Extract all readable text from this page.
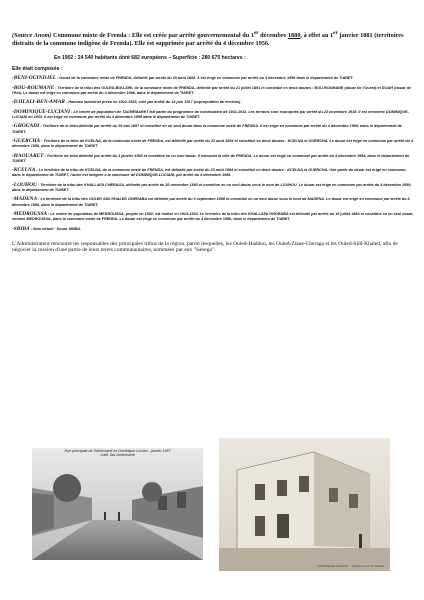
(Source Anom) Commune mixte de Frenda : Elle est créée par arrêté gouvernemental du 1er décembre 1880, à effet au 1er janvier 1881 (territoires distraits de la commune indigène de Frenda). Elle est supprimée par arrêté du 4 décembre 1956.
En 1902 : 24 540 habitants dont 682 européens – Superficie : 280 675 hectares :
Elle était composée :
-BENI-OUINDJEL : Douar de la commune mixte de FRENDA, délimité par arrêté du 23 août 1893. Il est érigé en commune par arrêté du 4 décembre 1956 dans le département de TIARET.
-BOU-ROUMANE : Territoire de la tribu des OULED-BOU-ZIRI, de la commune mixte de FRENDA, délimité par arrêté du 21 juillet 1891 et constitué en deux douars : BOU-ROUMANE (douar de l'Ouest) et DIJAH (douar de l'Est). Le douar est érigé en commune par arrêté du 4 décembre 1956, dans le département de TIARET.
-DJILALI-BEN-AMAR : Hameau industriel prévu en 1912-1913, créé par arrêté du 14 juin 1917 (expropriation de terrains).
-DOMINIQUE-LUCIANI : Le centre de population de TAGREMARET fait partie du programme de colonisation de 1911-1913. Les terrains sont expropriés par arrêté du 22 novembre 1918. Il est renommé DOMINIQUE-LUCIANI en 1933. Il est érigé en commune par arrêté du 4 décembre 1956 dans le département de TIARET.
-GHOUADI : Territoire de la tribu délimité par arrêté du 26 mai 1897 et constitué en un seul douar dans la commune mixte de FRENDA. Il est érigé en commune par arrêté du 4 décembre 1956, dans le département de TIARET.
-GUERCHA : Territoire de la tribu de KCELNA, de la commune mixte de FRENDA, est délimité par arrêté du 23 août 1894 et constitué en deux douars : KCELNA et GUERCHA. Le douar est érigé en commune par arrêté du 4 décembre 1956, dans le département de TIARET
-HAOUARET : Territoire de tribu délimité par arrêté du 3 janvier 1893 et constitué en un seul douar. Il entourait la ville de FRENDA. Le douar est érigé en commune par arrêté du 4 décembre 1956, dans le département de TIARET
-KCELNA : Le territoire de la tribu de KCELNA, de la commune mixte de FRENDA, est délimité par arrêté du 23 août 1894 et constitué en deux douars : KCELNA et GUERCHA. Une partie du douar est érigé en commune, dans le département de TIARET, l'autre est intégrée à la commune de DOMINIQUE-LUCIANI, par arrêté du 4 décembre 1956.
-LOUHOU : Territoire de la tribu des KHALLAFA CHERAGA, délimité par arrêté du 20 novembre 1893 et constitué en un seul douar sous le nom de LOUHOU. Le douar est érigé en commune par arrêté du 4 décembre 1956, dans le département de TIARET.
-MADENA : Le territoire de la tribu des OULED SIDI KHALED GHERABA est délimité par arrêté du 3 septembre 1896 et constitué en un seul douar sous le nom de MADENA. Le douar est érigé en commune par arrêté du 4 décembre 1956, dans le département de TIARET.
-MEDROUSSA : Le centre de population de MEDROUSSA, projeté en 1902, est réalisé en 1923-1924. Le territoire de la tribu des KHALLAFA GHORABA est délimité par arrêté du 19 juillet 1894 et constitué en un seul douar, nommé MEDROUSSA, dans la commune mixte de FRENDA. Le douar est érigé en commune par arrêté du 4 décembre 1956, dans le département de TIARET.
-SBIBA : Nom actuel : Douar SBIBA.
L'Administrateur rencontre les responsables des principales tribus de la région, parmi lesquelles, les Ouled-Haddou, les Ouled-Ziane-Cheraga et les Ouled-Sidi-Khaled, afin de négocier la cession d'une partie de leurs terres communautaires, nommées par eux "Sabega".
Rue principale de Tokhemaret ex Dominique Luciani - janvier 1957
Café. Bar Ambrosietti
DOMINIQUE-LUCIANI — Département de Médéa
